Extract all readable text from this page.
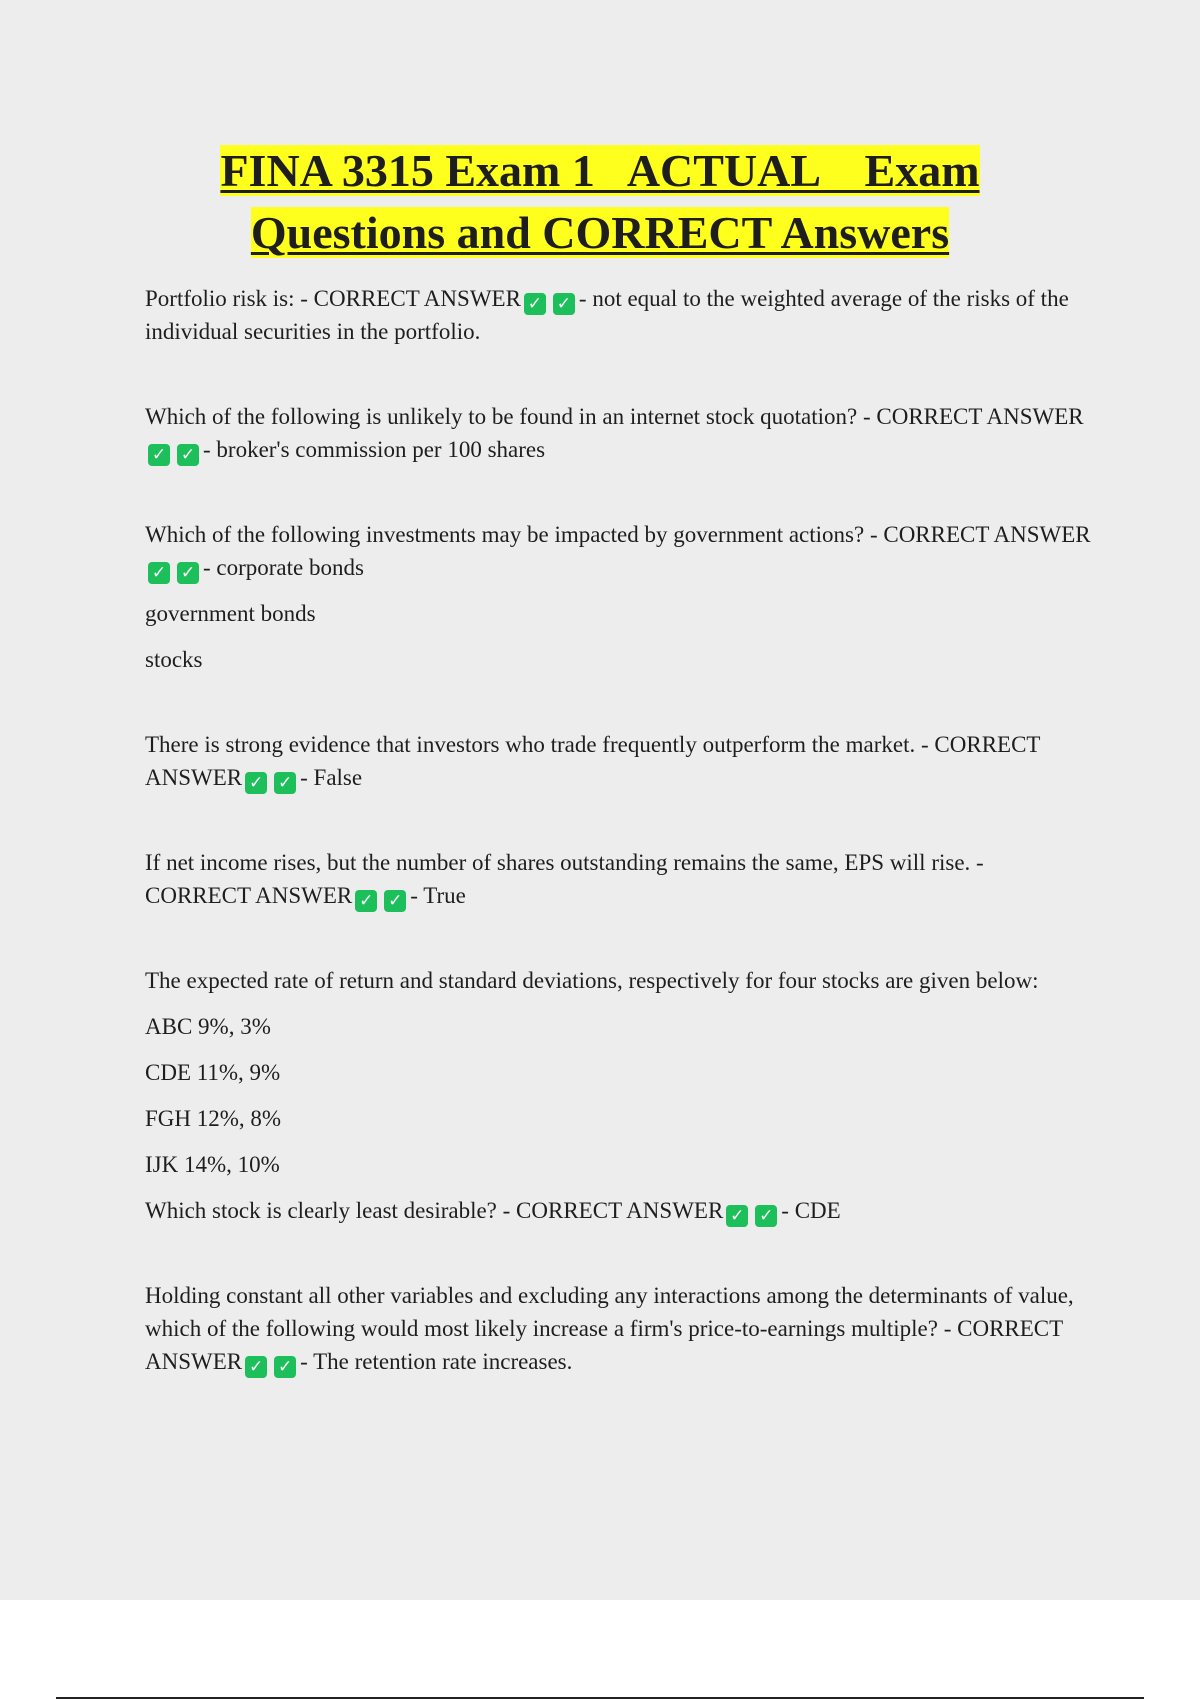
FINA 3315 Exam 1   ACTUAL    Exam
Questions and CORRECT Answers

Portfolio risk is: - CORRECT ANSWER ✓ ✓ - not equal to the weighted average of the risks of the individual securities in the portfolio.

Which of the following is unlikely to be found in an internet stock quotation? - CORRECT ANSWER✓ ✓ - broker's commission per 100 shares

Which of the following investments may be impacted by government actions? - CORRECT ANSWER✓ ✓ - corporate bonds

government bonds

stocks

There is strong evidence that investors who trade frequently outperform the market. - CORRECT ANSWER ✓ ✓ - False

If net income rises, but the number of shares outstanding remains the same, EPS will rise. - CORRECT ANSWER ✓ ✓ - True

The expected rate of return and standard deviations, respectively for four stocks are given below:

ABC 9%, 3%

CDE 11%, 9%

FGH 12%, 8%

IJK 14%, 10%

Which stock is clearly least desirable? - CORRECT ANSWER ✓ ✓ - CDE

Holding constant all other variables and excluding any interactions among the determinants of value, which of the following would most likely increase a firm's price-to-earnings multiple? - CORRECT ANSWER ✓ ✓ - The retention rate increases.
